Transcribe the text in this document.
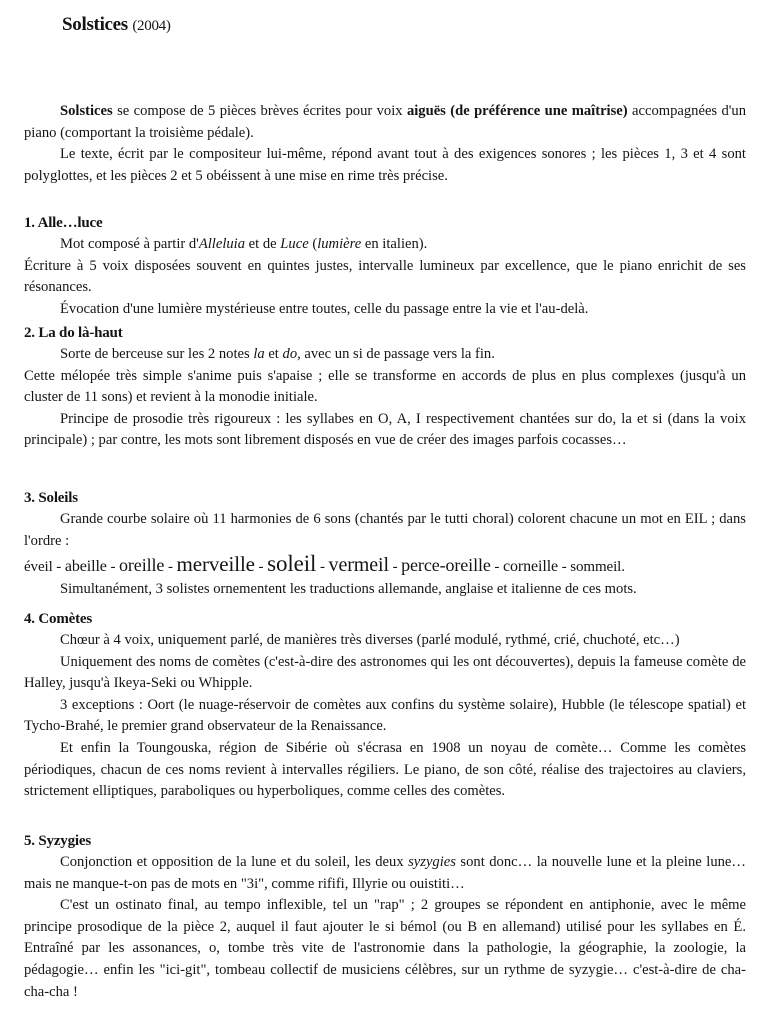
Solstices (2004)

Solstices se compose de 5 pièces brèves écrites pour voix aiguës (de préférence une maîtrise) accompagnées d'un piano (comportant la troisième pédale).

Le texte, écrit par le compositeur lui-même, répond avant tout à des exigences sonores ; les pièces 1, 3 et 4 sont polyglottes, et les pièces 2 et 5 obéissent à une mise en rime très précise.

1. Alle…luce

Mot composé à partir d'Alleluia et de Luce (lumière en italien).

Écriture à 5 voix disposées souvent en quintes justes, intervalle lumineux par excellence, que le piano enrichit de ses résonances.

Évocation d'une lumière mystérieuse entre toutes, celle du passage entre la vie et l'au-delà.

2. La do là-haut

Sorte de berceuse sur les 2 notes la et do, avec un si de passage vers la fin.

Cette mélopée très simple s'anime puis s'apaise ; elle se transforme en accords de plus en plus complexes (jusqu'à un cluster de 11 sons) et revient à la monodie initiale.

Principe de prosodie très rigoureux : les syllabes en O, A, I respectivement chantées sur do, la et si (dans la voix principale) ; par contre, les mots sont librement disposés en vue de créer des images parfois cocasses…

3. Soleils

Grande courbe solaire où 11 harmonies de 6 sons (chantés par le tutti choral) colorent chacune un mot en EIL ; dans l'ordre :

éveil - abeille - oreille - merveille - soleil - vermeil - perce-oreille - corneille - sommeil.

Simultanément, 3 solistes ornementent les traductions allemande, anglaise et italienne de ces mots.

4. Comètes

Chœur à 4 voix, uniquement parlé, de manières très diverses (parlé modulé, rythmé, crié, chuchoté, etc…)

Uniquement des noms de comètes (c'est-à-dire des astronomes qui les ont découvertes), depuis la fameuse comète de Halley, jusqu'à Ikeya-Seki ou Whipple.

3 exceptions : Oort (le nuage-réservoir de comètes aux confins du système solaire), Hubble (le télescope spatial) et Tycho-Brahé, le premier grand observateur de la Renaissance.

Et enfin la Toungouska, région de Sibérie où s'écrasa en 1908 un noyau de comète… Comme les comètes périodiques, chacun de ces noms revient à intervalles régiliers. Le piano, de son côté, réalise des trajectoires au claviers, strictement elliptiques, paraboliques ou hyperboliques, comme celles des comètes.

5. Syzygies

Conjonction et opposition de la lune et du soleil, les deux syzygies sont donc… la nouvelle lune et la pleine lune… mais ne manque-t-on pas de mots en "3i", comme rififi, Illyrie ou ouistiti…

C'est un ostinato final, au tempo inflexible, tel un "rap" ; 2 groupes se répondent en antiphonie, avec le même principe prosodique de la pièce 2, auquel il faut ajouter le si bémol (ou B en allemand) utilisé pour les syllabes en É. Entraîné par les assonances, o, tombe très vite de l'astronomie dans la pathologie, la géographie, la zoologie, la pédagogie… enfin les "ici-git", tombeau collectif de musiciens célèbres, sur un rythme de syzygie… c'est-à-dire de cha-cha-cha !
